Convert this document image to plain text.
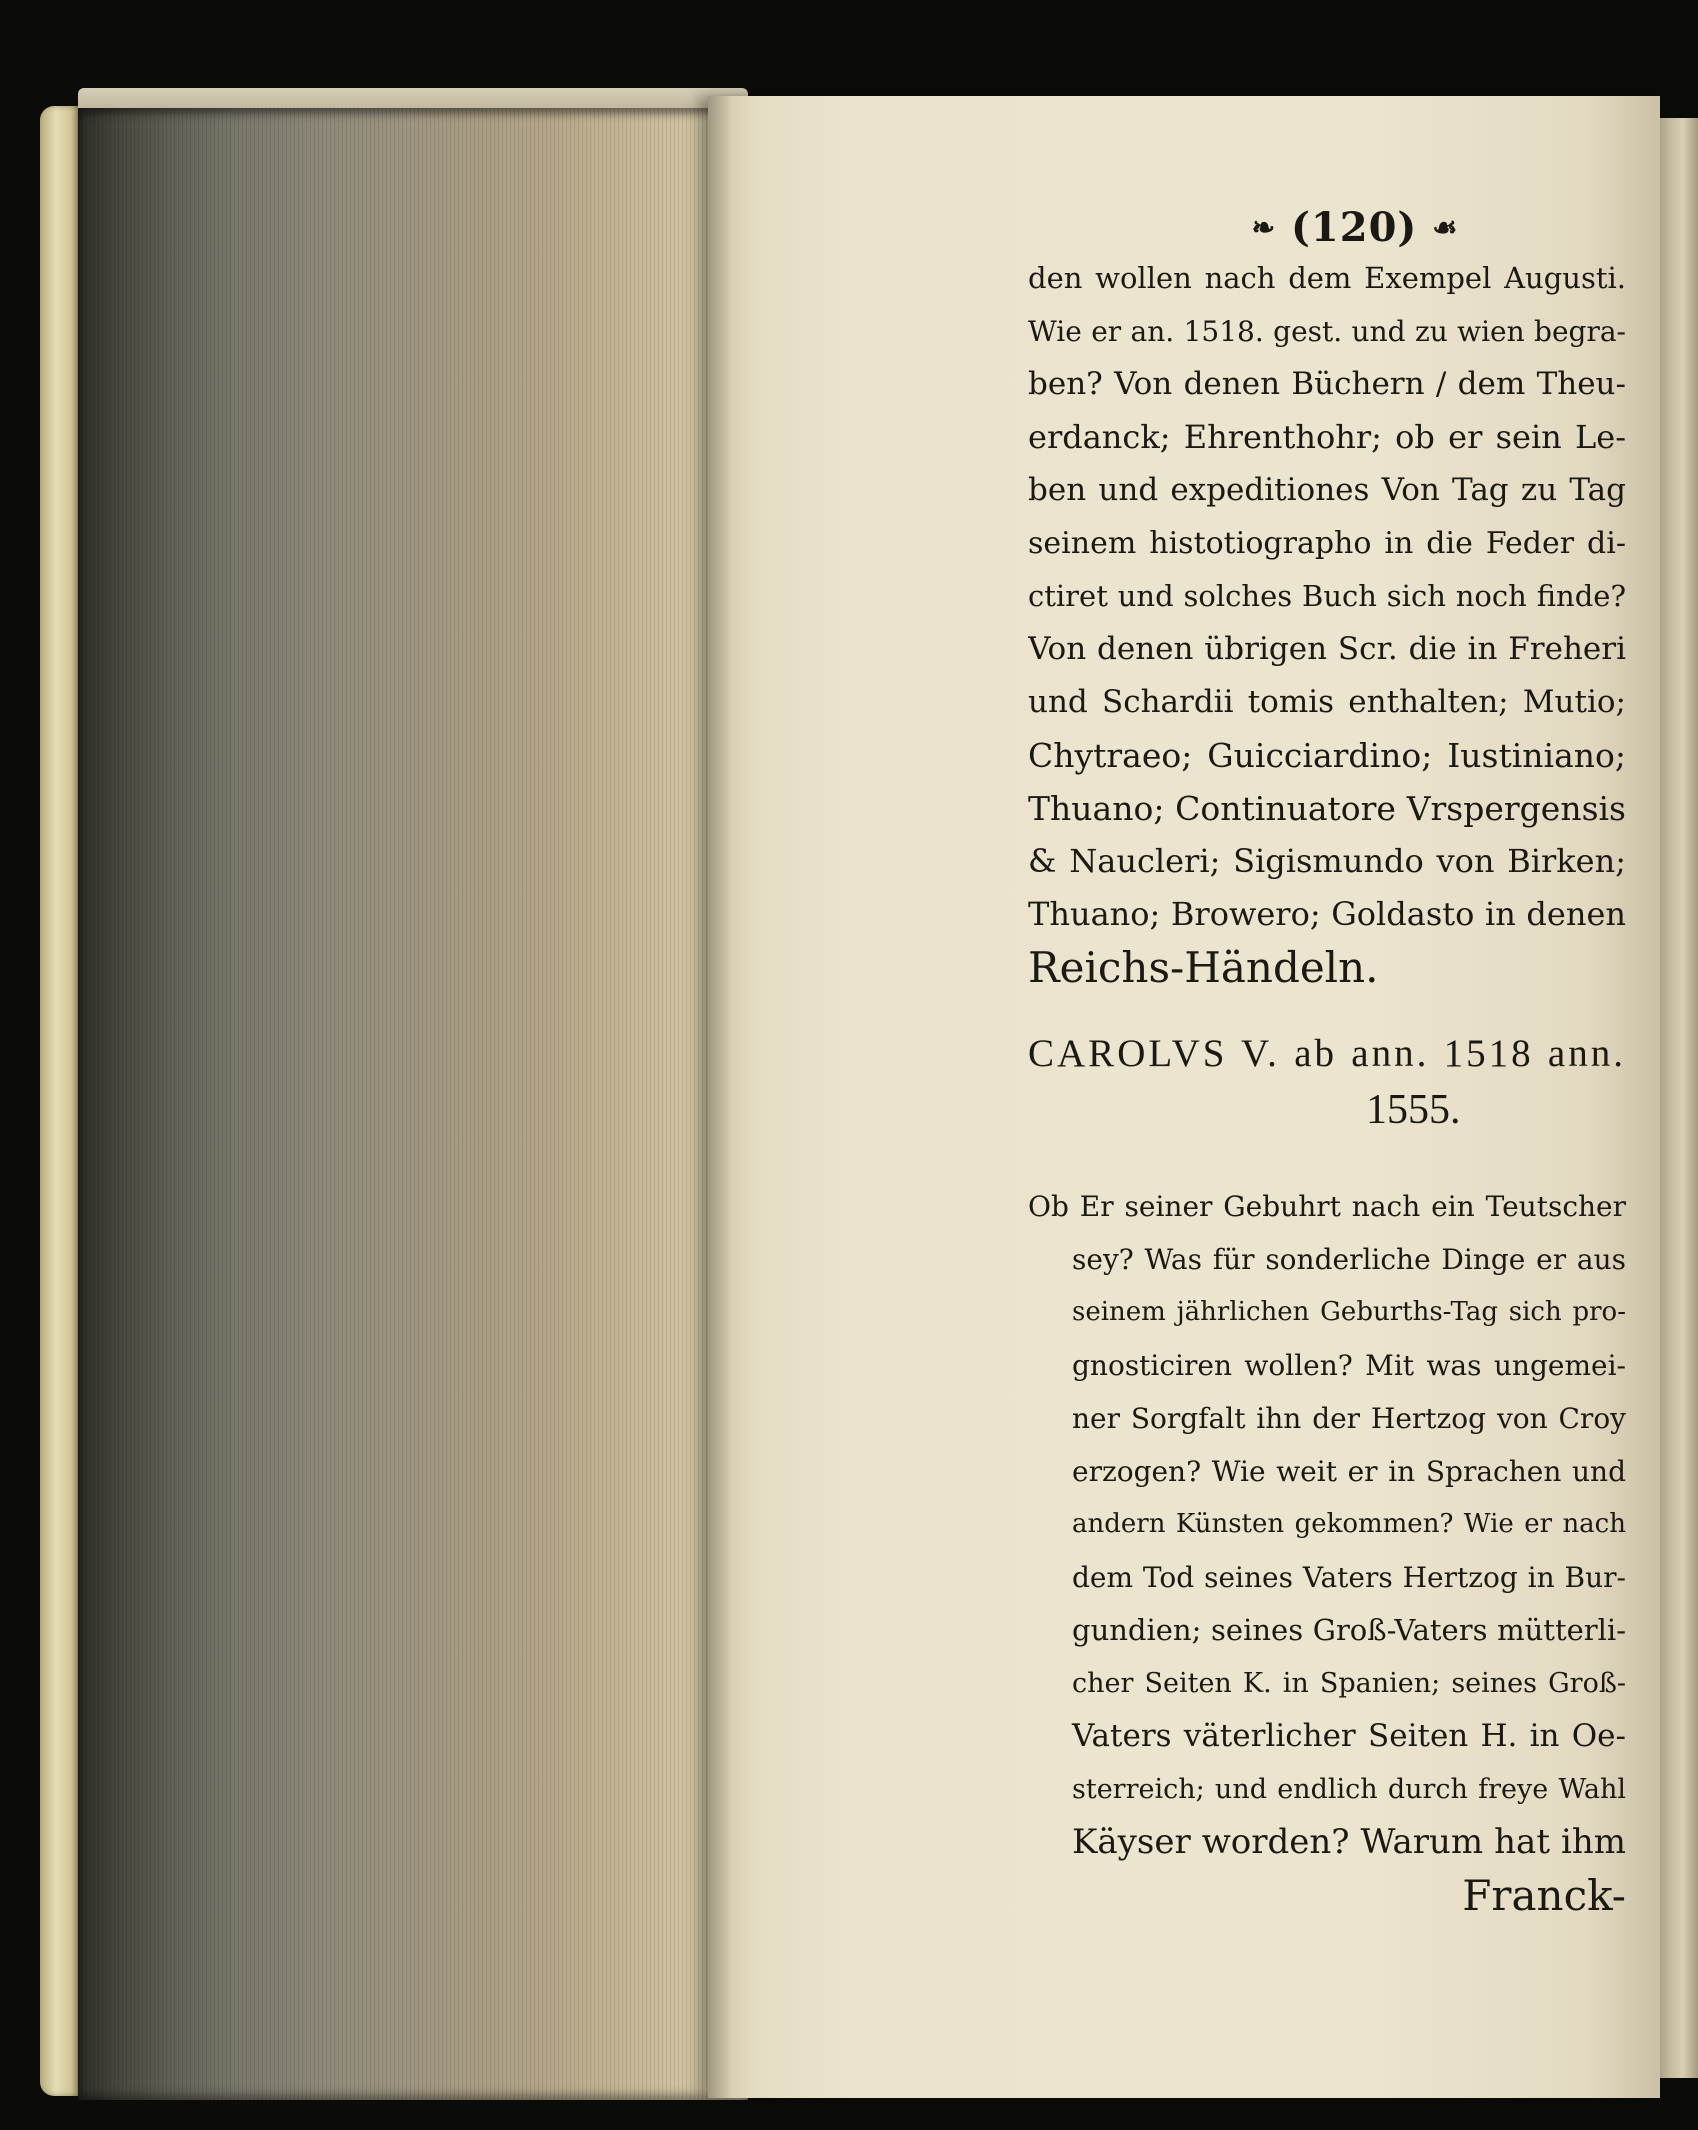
❧ (120) ☙
den wollen nach dem Exempel Augusti.
Wie er an. 1518. gest. und zu wien begra-
ben? Von denen Büchern / dem Theu-
erdanck; Ehrenthohr; ob er sein Le-
ben und expeditiones Von Tag zu Tag
seinem histotiographo in die Feder di-
ctiret und solches Buch sich noch finde?
Von denen übrigen Scr. die in Freheri
und Schardii tomis enthalten; Mutio;
Chytraeo; Guicciardino; Iustiniano;
Thuano; Continuatore Vrspergensis
& Naucleri; Sigismundo von Birken;
Thuano; Browero; Goldasto in denen
Reichs-Händeln.
CAROLVS V. ab ann. 1518 ann.
1555.
Ob Er seiner Gebuhrt nach ein Teutscher
sey? Was für sonderliche Dinge er aus
seinem jährlichen Geburths-Tag sich pro-
gnosticiren wollen? Mit was ungemei-
ner Sorgfalt ihn der Hertzog von Croy
erzogen? Wie weit er in Sprachen und
andern Künsten gekommen? Wie er nach
dem Tod seines Vaters Hertzog in Bur-
gundien; seines Groß-Vaters mütterli-
cher Seiten K. in Spanien; seines Groß-
Vaters väterlicher Seiten H. in Oe-
sterreich; und endlich durch freye Wahl
Käyser worden? Warum hat ihm
Franck-
